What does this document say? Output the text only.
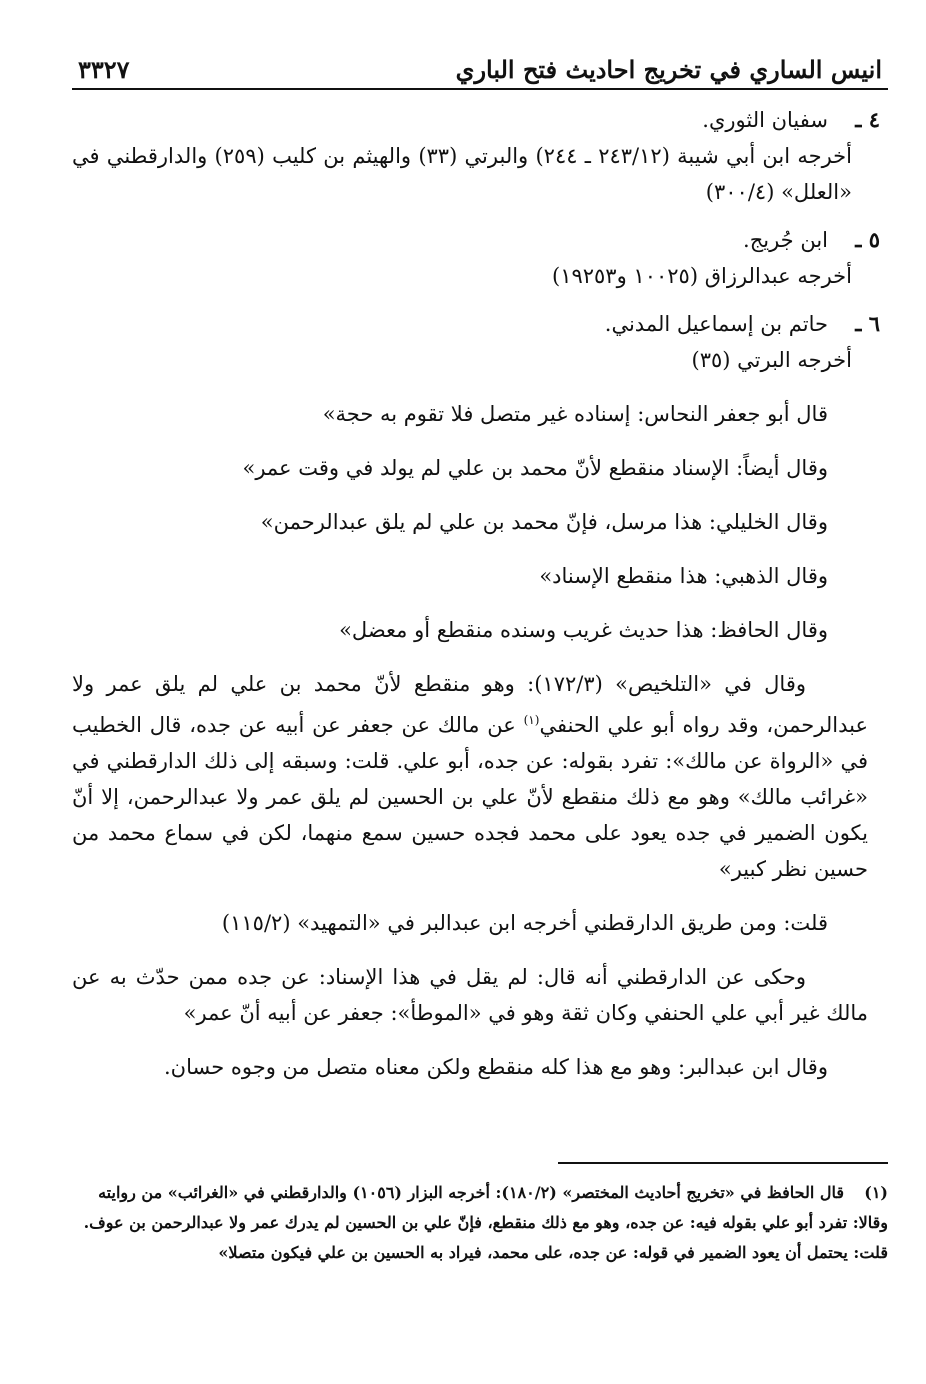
انيس الساري في تخريج احاديث فتح الباري
٣٣٢٧

٤ ـسفيان الثوري.

أخرجه ابن أبي شيبة (٢٤٣/١٢ ـ ٢٤٤) والبرتي (٣٣) والهيثم بن كليب (٢٥٩) والدارقطني في «العلل» (٣٠٠/٤)

٥ ـابن جُريج.

أخرجه عبدالرزاق (١٠٠٢٥ و١٩٢٥٣)

٦ ـحاتم بن إسماعيل المدني.

أخرجه البرتي (٣٥)

قال أبو جعفر النحاس: إسناده غير متصل فلا تقوم به حجة»

وقال أيضاً: الإسناد منقطع لأنّ محمد بن علي لم يولد في وقت عمر»

وقال الخليلي: هذا مرسل، فإنّ محمد بن علي لم يلق عبدالرحمن»

وقال الذهبي: هذا منقطع الإسناد»

وقال الحافظ: هذا حديث غريب وسنده منقطع أو معضل»

وقال في «التلخيص» (١٧٢/٣): وهو منقطع لأنّ محمد بن علي لم يلق عمر ولا عبدالرحمن، وقد رواه أبو علي الحنفي$^{(١)}$ عن مالك عن جعفر عن أبيه عن جده، قال الخطيب في «الرواة عن مالك»: تفرد بقوله: عن جده، أبو علي. قلت: وسبقه إلى ذلك الدارقطني في «غرائب مالك» وهو مع ذلك منقطع لأنّ علي بن الحسين لم يلق عمر ولا عبدالرحمن، إلا أنّ يكون الضمير في جده يعود على محمد فجده حسين سمع منهما، لكن في سماع محمد من حسين نظر كبير»

قلت: ومن طريق الدارقطني أخرجه ابن عبدالبر في «التمهيد» (١١٥/٢)

وحكى عن الدارقطني أنه قال: لم يقل في هذا الإسناد: عن جده ممن حدّث به عن مالك غير أبي علي الحنفي وكان ثقة وهو في «الموطأ»: جعفر عن أبيه أنّ عمر»

وقال ابن عبدالبر: وهو مع هذا كله منقطع ولكن معناه متصل من وجوه حسان.

(١)قال الحافظ في «تخريج أحاديث المختصر» (١٨٠/٢): أخرجه البزار (١٠٥٦) والدارقطني في «الغرائب» من روايته وقالا: تفرد أبو علي بقوله فيه: عن جده، وهو مع ذلك منقطع، فإنّ علي بن الحسين لم يدرك عمر ولا عبدالرحمن بن عوف. قلت: يحتمل أن يعود الضمير في قوله: عن جده، على محمد، فيراد به الحسين بن علي فيكون متصلا»
